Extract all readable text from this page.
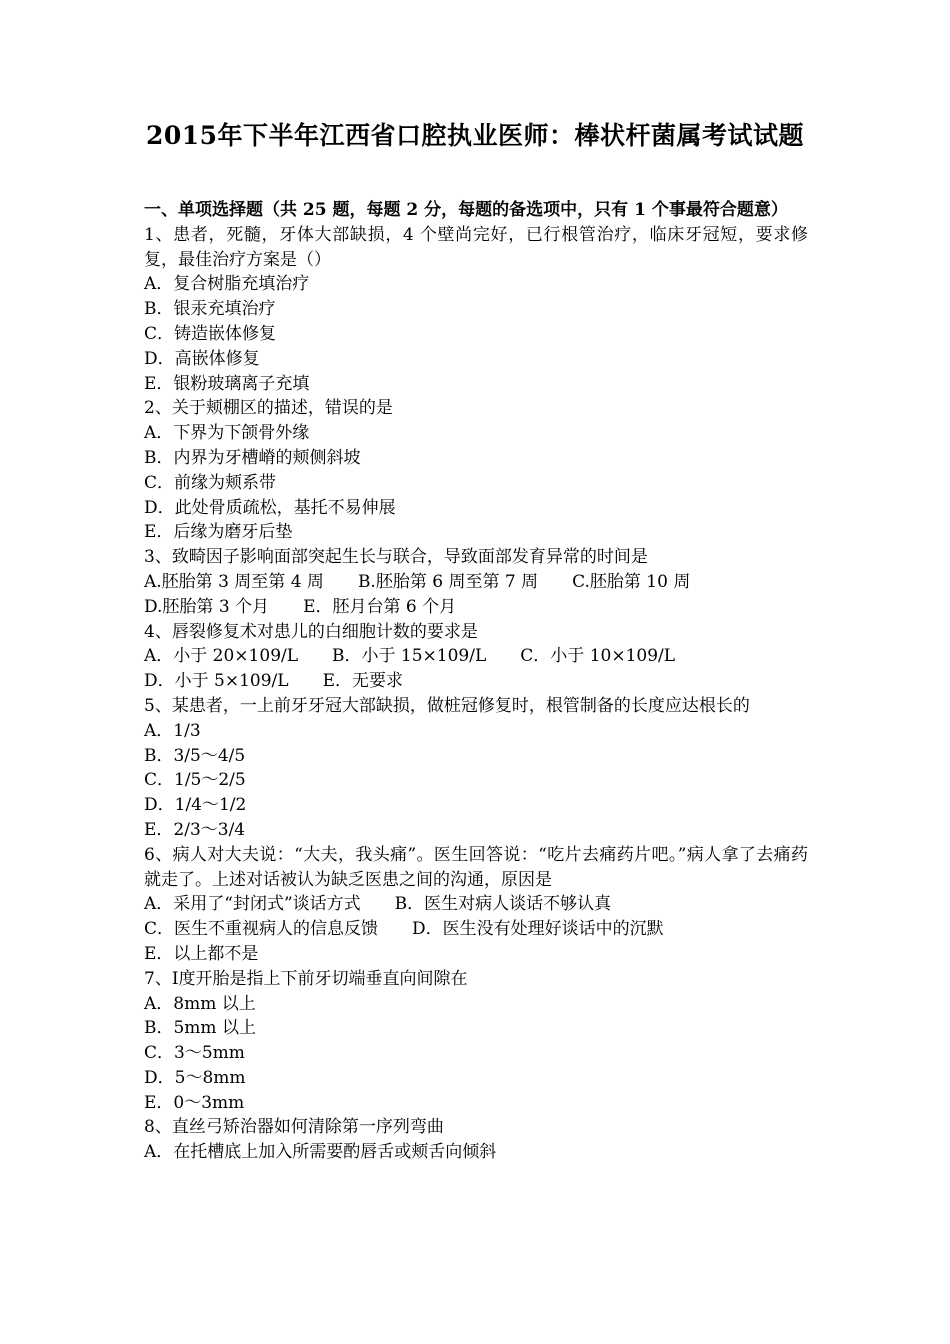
2015年下半年江西省口腔执业医师：棒状杆菌属考试试题
一、单项选择题（共 25 题，每题 2 分，每题的备选项中，只有 1 个事最符合题意）
1、患者，死髓，牙体大部缺损，4 个壁尚完好，已行根管治疗，临床牙冠短，要求修复，最佳治疗方案是（）
A．复合树脂充填治疗
B．银汞充填治疗
C．铸造嵌体修复
D．高嵌体修复
E．银粉玻璃离子充填
2、关于颊棚区的描述，错误的是
A．下界为下颌骨外缘
B．内界为牙槽嵴的颊侧斜坡
C．前缘为颊系带
D．此处骨质疏松，基托不易伸展
E．后缘为磨牙后垫
3、致畸因子影响面部突起生长与联合，导致面部发育异常的时间是
A.胚胎第 3 周至第 4 周 B.胚胎第 6 周至第 7 周 C.胚胎第 10 周D.胚胎第 3 个月 E．胚月台第 6 个月
4、唇裂修复术对患儿的白细胞计数的要求是
A．小于 20×109/L B．小于 15×109/L C．小于 10×109/LD．小于 5×109/L E．无要求
5、某患者，一上前牙牙冠大部缺损，做桩冠修复时，根管制备的长度应达根长的
A．1/3
B．3/5～4/5
C．1/5～2/5
D．1/4～1/2
E．2/3～3/4
6、病人对大夫说：“大夫，我头痛”。医生回答说：“吃片去痛药片吧。”病人拿了去痛药就走了。上述对话被认为缺乏医患之间的沟通，原因是
A．采用了“封闭式”谈话方式 B．医生对病人谈话不够认真C．医生不重视病人的信息反馈 D．医生没有处理好谈话中的沉默E．以上都不是
7、Ⅰ度开胎是指上下前牙切端垂直向间隙在
A．8mm 以上
B．5mm 以上
C．3～5mm
D．5～8mm
E．0～3mm
8、直丝弓矫治器如何清除第一序列弯曲
A．在托槽底上加入所需要酌唇舌或颊舌向倾斜
